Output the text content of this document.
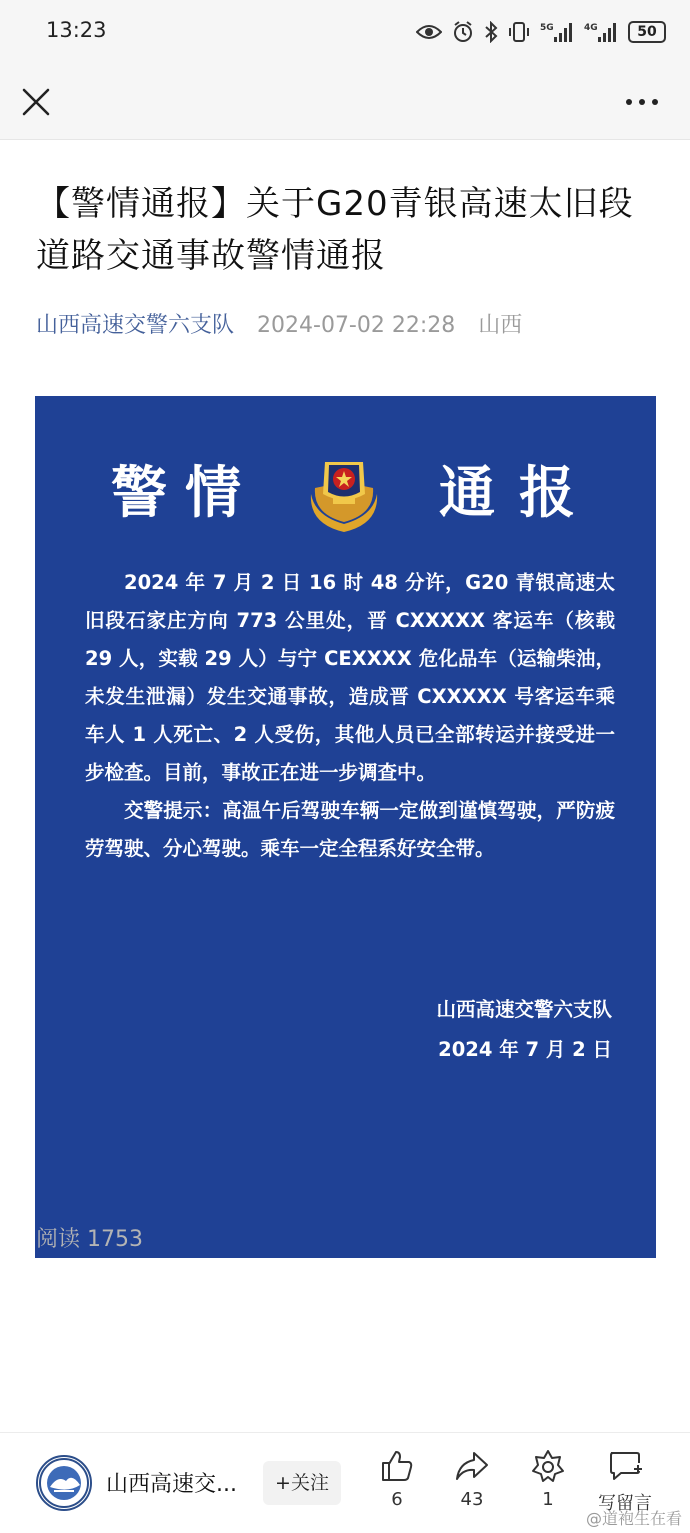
13:23	5G	4G	50
【警情通报】关于G20青银高速太旧段道路交通事故警情通报
山西高速交警六支队 2024-07-02 22:28 山西
警 情	通 报

2024 年 7 月 2 日 16 时 48 分许，G20 青银高速太旧段石家庄方向 773 公里处，晋 CXXXXX 客运车（核载 29 人，实载 29 人）与宁 CEXXXX 危化品车（运输柴油，未发生泄漏）发生交通事故，造成晋 CXXXXX 号客运车乘车人 1 人死亡、2 人受伤，其他人员已全部转运并接受进一步检查。目前，事故正在进一步调查中。

交警提示：高温午后驾驶车辆一定做到谨慎驾驶，严防疲劳驾驶、分心驾驶。乘车一定全程系好安全带。

山西高速交警六支队
2024 年 7 月 2 日
阅读 1753
山西高速交...	+关注
6	43	1	写留言
@道袍生在看
